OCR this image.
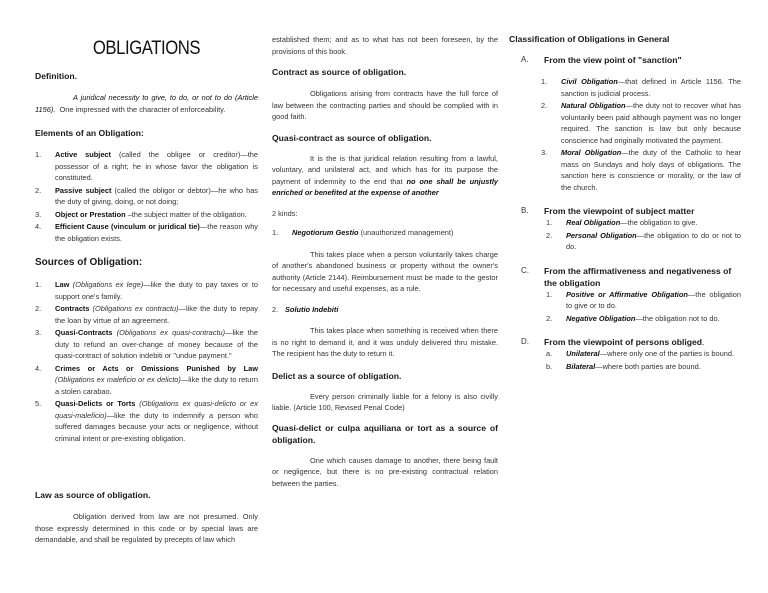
OBLIGATIONS
Definition.

A juridical necessity to give, to do, or not to do (Article 1156). One impressed with the character of enforceability.

Elements of an Obligation:
1. Active subject (called the obligee or creditor)—the possessor of a right; he in whose favor the obligation is constituted.
2. Passive subject (called the obligor or debtor)—he who has the duty of giving, doing, or not doing;
3. Object or Prestation –the subject matter of the obligation.
4. Efficient Cause (vinculum or juridical tie)—the reason why the obligation exists.
Sources of Obligation:
1. Law (Obligations ex lege)—like the duty to pay taxes or to support one's family.
2. Contracts (Obligations ex contractu)—like the duty to repay the loan by virtue of an agreement.
3. Quasi-Contracts (Obligations ex quasi-contractu)—like the duty to refund an over-change of money because of the quasi-contract of solution indebiti or "undue payment."
4. Crimes or Acts or Omissions Punished by Law (Obligations ex maleficio or ex delicto)—like the duty to return a stolen carabao.
5. Quasi-Delicts or Torts (Obligations ex quasi-delicto or ex quasi-maleficio)—like the duty to indemnify a person who suffered damages because your acts or negligence, without criminal intent or pre-existing obligation.
Law as source of obligation.

Obligation derived from law are not presumed. Only those expressly determined in this code or by special laws are demandable, and shall be regulated by precepts of law which

established them; and as to what has not been foreseen, by the provisions of this book.

Contract as source of obligation.

Obligations arising from contracts have the full force of law between the contracting parties and should be complied with in good faith.

Quasi-contract as source of obligation.

It is the is that juridical relation resulting from a lawful, voluntary, and unilateral act, and which has for its purpose the payment of indemnity to the end that no one shall be unjustly enriched or benefited at the expense of another

2 kinds:

1. Negotiorum Gestio (unauthorized management)

This takes place when a person voluntarily takes charge of another's abandoned business or property without the owner's authority (Article 2144). Reimbursement must be made to the gestor for necessary and useful expenses, as a rule.

2. Solutio Indebiti

This takes place when something is received when there is no right to demand it, and it was unduly delivered thru mistake. The recipient has the duty to return it.

Delict as a source of obligation.

Every person criminally liable for a felony is also civilly liable. (Article 100, Revised Penal Code)

Quasi-delict or culpa aquiliana or tort as a source of obligation.

One which causes damage to another, there being fault or negligence, but there is no pre-existing contractual relation between the parties.

Classification of Obligations in General
A. From the view point of "sanction"
1. Civil Obligation—that defined in Article 1156. The sanction is judicial process.
2. Natural Obligation—the duty not to recover what has voluntarily been paid although payment was no longer required. The sanction is law but only because conscience had originally motivated the payment.
3. Moral Obligation—the duty of the Catholic to hear mass on Sundays and holy days of obligations. The sanction here is conscience or morality, or the law of the church.
B. From the viewpoint of subject matter
1. Real Obligation—the obligation to give.
2. Personal Obligation—the obligation to do or not to do.
C. From the affirmativeness and negativeness of the obligation
1. Positive or Affirmative Obligation—the obligation to give or to do.
2. Negative Obligation—the obligation not to do.
D. From the viewpoint of persons obliged.
a. Unilateral—where only one of the parties is bound.
b. Bilateral—where both parties are bound.
